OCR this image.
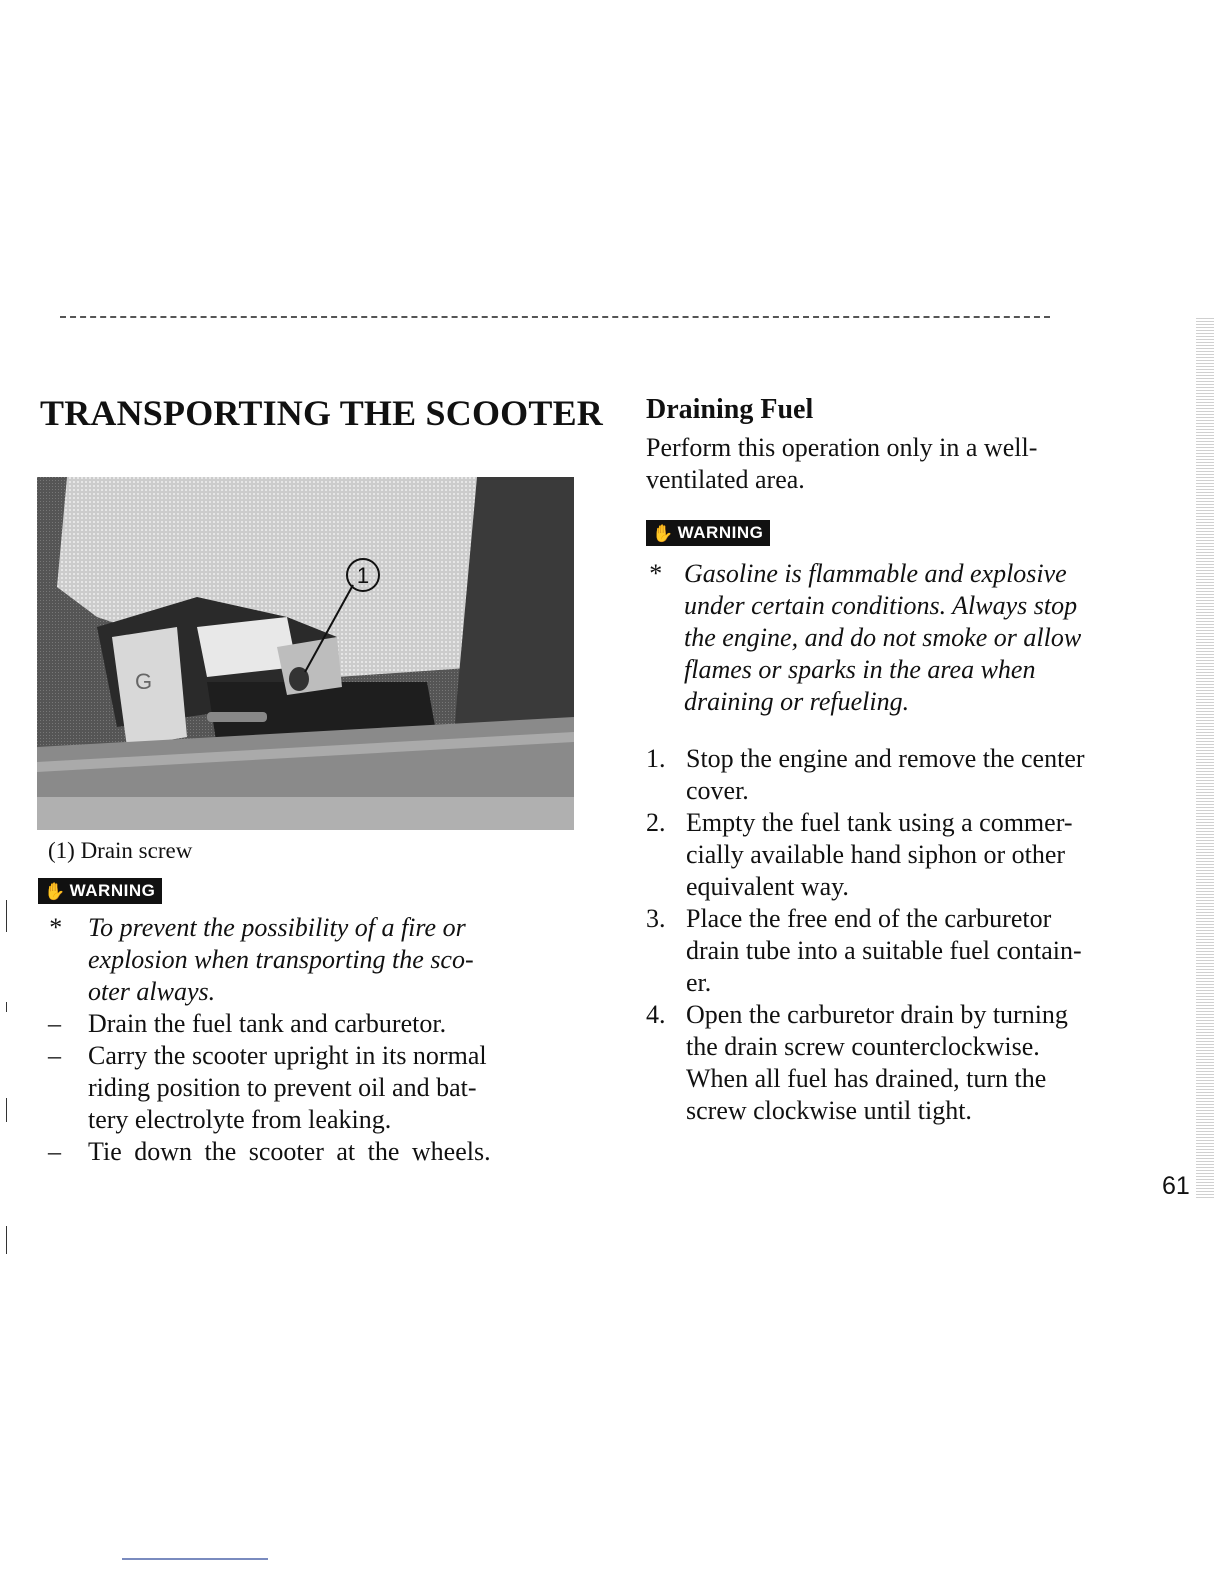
TRANSPORTING THE SCOOTER
G
1
(1) Drain screw
✋ WARNING
* To prevent the possibility of a fire or
explosion when transporting the sco-
oter always.
– Drain the fuel tank and carburetor.
– Carry the scooter upright in its normal
riding position to prevent oil and bat-
tery electrolyte from leaking.
– Tie down the scooter at the wheels.
Draining Fuel
Perform this operation only in a well-
ventilated area.
✋ WARNING
* Gasoline is flammable and explosive
under certain conditions. Always stop
the engine, and do not smoke or allow
flames or sparks in the area when
draining or refueling.
1. Stop the engine and remove the center
cover.
2. Empty the fuel tank using a commer-
cially available hand siphon or other
equivalent way.
3. Place the free end of the carburetor
drain tube into a suitable fuel contain-
er.
4. Open the carburetor drain by turning
the drain screw counterclockwise.
When all fuel has drained, turn the
screw clockwise until tight.
61
